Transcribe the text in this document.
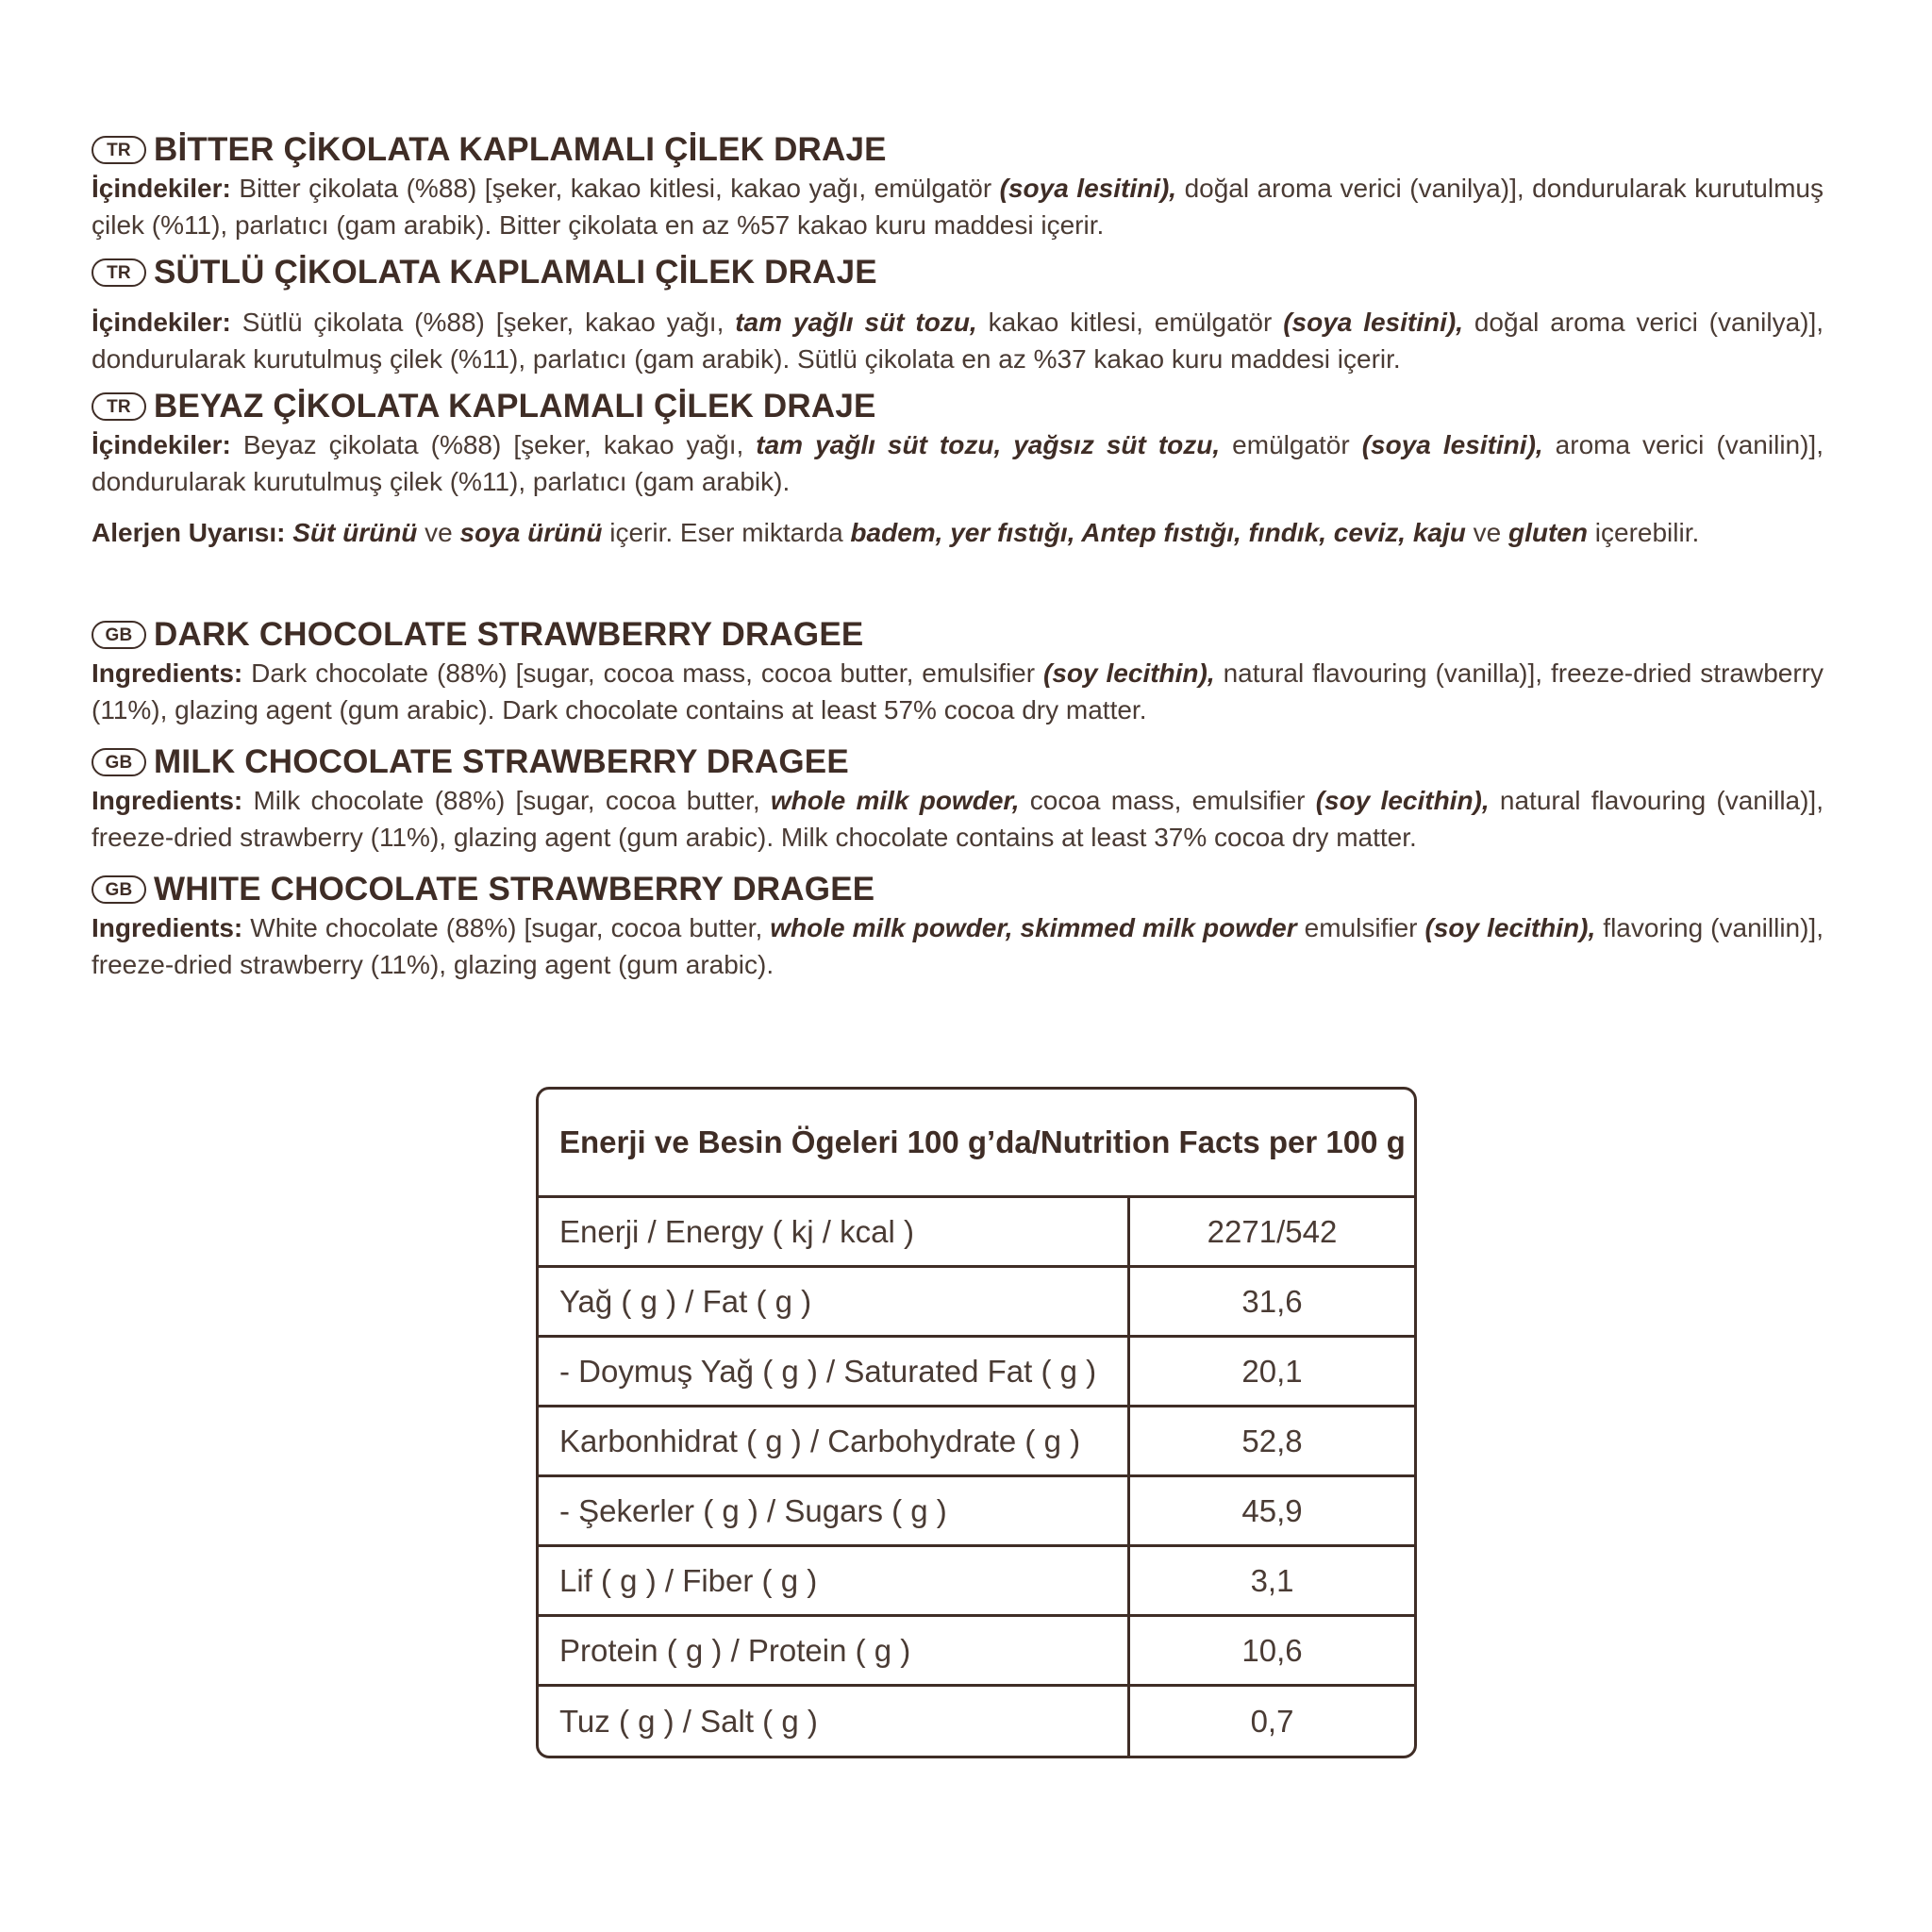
TR BİTTER ÇİKOLATA KAPLAMALI ÇİLEK DRAJE

İçindekiler: Bitter çikolata (%88) [şeker, kakao kitlesi, kakao yağı, emülgatör (soya lesitini), doğal aroma verici (vanilya)], dondurularak kurutulmuş çilek (%11), parlatıcı (gam arabik). Bitter çikolata en az %57 kakao kuru maddesi içerir.

TR SÜTLÜ ÇİKOLATA KAPLAMALI ÇİLEK DRAJE

İçindekiler: Sütlü çikolata (%88) [şeker, kakao yağı, tam yağlı süt tozu, kakao kitlesi, emülgatör (soya lesitini), doğal aroma verici (vanilya)], dondurularak kurutulmuş çilek (%11), parlatıcı (gam arabik). Sütlü çikolata en az %37 kakao kuru maddesi içerir.

TR BEYAZ ÇİKOLATA KAPLAMALI ÇİLEK DRAJE

İçindekiler: Beyaz çikolata (%88) [şeker, kakao yağı, tam yağlı süt tozu, yağsız süt tozu, emülgatör (soya lesitini), aroma verici (vanilin)], dondurularak kurutulmuş çilek (%11), parlatıcı (gam arabik).

Alerjen Uyarısı: Süt ürünü ve soya ürünü içerir. Eser miktarda badem, yer fıstığı, Antep fıstığı, fındık, ceviz, kaju ve gluten içerebilir.

GB DARK CHOCOLATE STRAWBERRY DRAGEE

Ingredients: Dark chocolate (88%) [sugar, cocoa mass, cocoa butter, emulsifier (soy lecithin), natural flavouring (vanilla)], freeze-dried strawberry (11%), glazing agent (gum arabic). Dark chocolate contains at least 57% cocoa dry matter.

GB MILK CHOCOLATE STRAWBERRY DRAGEE

Ingredients: Milk chocolate (88%) [sugar, cocoa butter, whole milk powder, cocoa mass, emulsifier (soy lecithin), natural flavouring (vanilla)], freeze-dried strawberry (11%), glazing agent (gum arabic). Milk chocolate contains at least 37% cocoa dry matter.

GB WHITE CHOCOLATE STRAWBERRY DRAGEE

Ingredients: White chocolate (88%) [sugar, cocoa butter, whole milk powder, skimmed milk powder emulsifier (soy lecithin), flavoring (vanillin)], freeze-dried strawberry (11%), glazing agent (gum arabic).

Enerji ve Besin Ögeleri 100 g’da/Nutrition Facts per 100 g
Enerji / Energy ( kj / kcal )	2271/542
Yağ ( g ) / Fat ( g )	31,6
- Doymuş Yağ ( g ) / Saturated Fat ( g )	20,1
Karbonhidrat ( g ) / Carbohydrate ( g )	52,8
- Şekerler ( g ) / Sugars ( g )	45,9
Lif ( g ) / Fiber ( g )	3,1
Protein ( g ) / Protein ( g )	10,6
Tuz ( g ) / Salt ( g )	0,7
